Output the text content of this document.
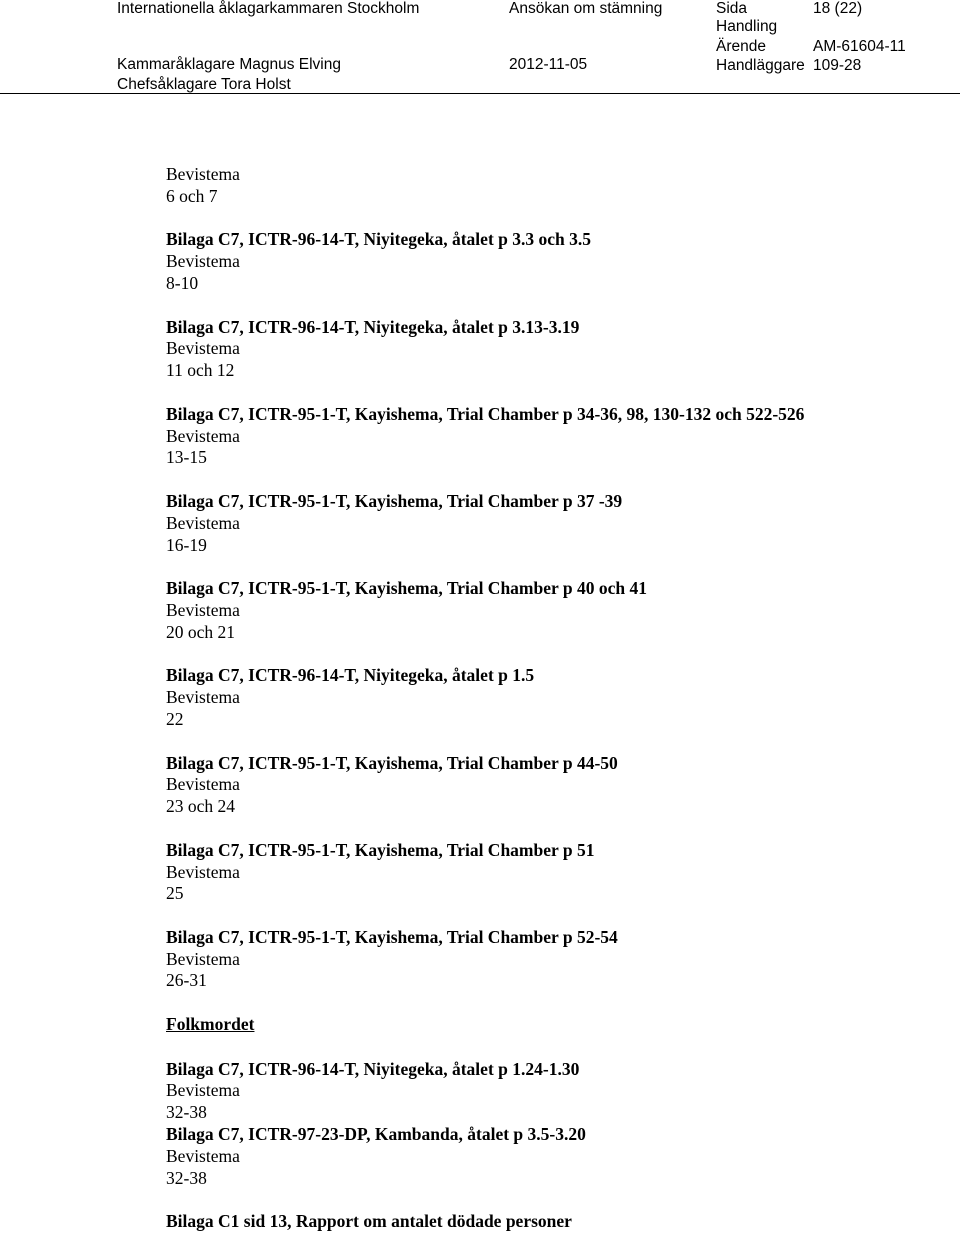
Internationella åklagarkammaren Stockholm	Ansökan om stämning	Sida	18 (22)
Handling
Ärende	AM-61604-11
Kammaråklagare Magnus Elving	2012-11-05	Handläggare 109-28
Chefsåklagare Tora Holst
Bevistema
6 och 7
Bilaga C7, ICTR-96-14-T, Niyitegeka, åtalet p 3.3 och 3.5
Bevistema
8-10
Bilaga C7, ICTR-96-14-T, Niyitegeka, åtalet p 3.13-3.19
Bevistema
11 och 12
Bilaga C7, ICTR-95-1-T, Kayishema, Trial Chamber p 34-36, 98, 130-132 och 522-526
Bevistema
13-15
Bilaga C7, ICTR-95-1-T, Kayishema, Trial Chamber p 37 -39
Bevistema
16-19
Bilaga C7, ICTR-95-1-T, Kayishema, Trial Chamber p 40 och 41
Bevistema
20 och 21
Bilaga C7, ICTR-96-14-T, Niyitegeka, åtalet p 1.5
Bevistema
22
Bilaga C7, ICTR-95-1-T, Kayishema, Trial Chamber p 44-50
Bevistema
23 och 24
Bilaga C7, ICTR-95-1-T, Kayishema, Trial Chamber p 51
Bevistema
25
Bilaga C7, ICTR-95-1-T, Kayishema, Trial Chamber p 52-54
Bevistema
26-31
Folkmordet
Bilaga C7, ICTR-96-14-T, Niyitegeka, åtalet p 1.24-1.30
Bevistema
32-38
Bilaga C7, ICTR-97-23-DP, Kambanda, åtalet p 3.5-3.20
Bevistema
32-38
Bilaga C1 sid 13, Rapport om antalet dödade personer
